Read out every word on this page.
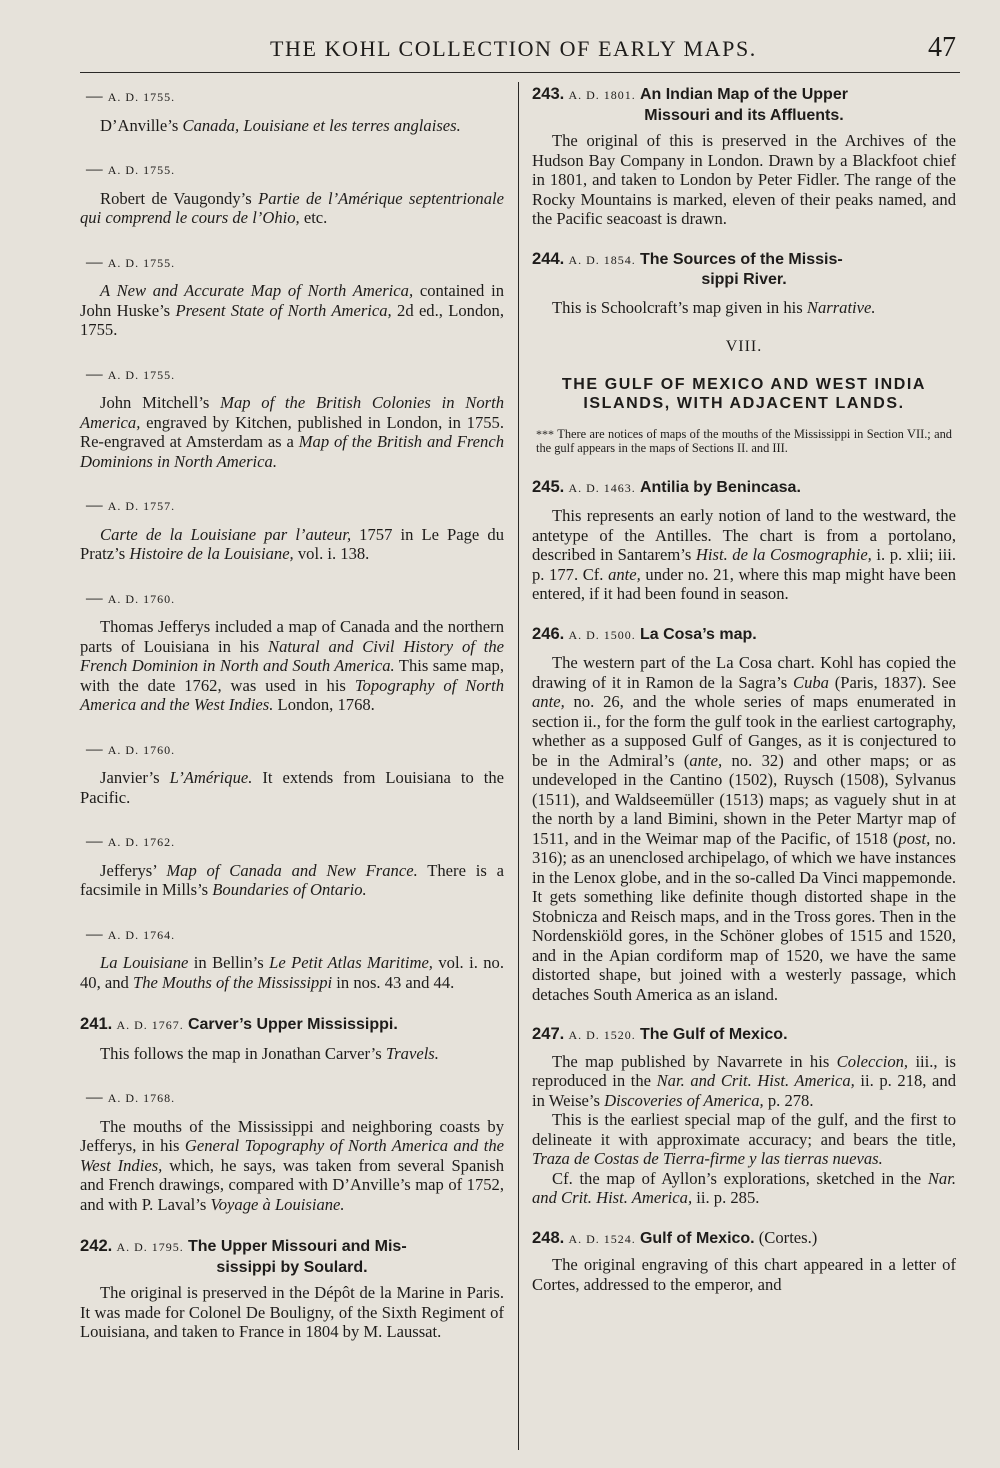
THE KOHL COLLECTION OF EARLY MAPS.	47

— A. D. 1755.

D’Anville’s Canada, Louisiane et les terres anglaises.

— A. D. 1755.

Robert de Vaugondy’s Partie de l’Amérique septentrionale qui comprend le cours de l’Ohio, etc.

— A. D. 1755.

A New and Accurate Map of North America, contained in John Huske’s Present State of North America, 2d ed., London, 1755.

— A. D. 1755.

John Mitchell’s Map of the British Colonies in North America, engraved by Kitchen, published in London, in 1755. Re-engraved at Amsterdam as a Map of the British and French Dominions in North America.

— A. D. 1757.

Carte de la Louisiane par l’auteur, 1757 in Le Page du Pratz’s Histoire de la Louisiane, vol. i. 138.

— A. D. 1760.

Thomas Jefferys included a map of Canada and the northern parts of Louisiana in his Natural and Civil History of the French Dominion in North and South America. This same map, with the date 1762, was used in his Topography of North America and the West Indies. London, 1768.

— A. D. 1760.

Janvier’s L’Amérique. It extends from Louisiana to the Pacific.

— A. D. 1762.

Jefferys’ Map of Canada and New France. There is a facsimile in Mills’s Boundaries of Ontario.

— A. D. 1764.

La Louisiane in Bellin’s Le Petit Atlas Maritime, vol. i. no. 40, and The Mouths of the Mississippi in nos. 43 and 44.

241. A. D. 1767. Carver’s Upper Mississippi.

This follows the map in Jonathan Carver’s Travels.

— A. D. 1768.

The mouths of the Mississippi and neighboring coasts by Jefferys, in his General Topography of North America and the West Indies, which, he says, was taken from several Spanish and French drawings, compared with D’Anville’s map of 1752, and with P. Laval’s Voyage à Louisiane.

242. A. D. 1795. The Upper Missouri and Mis-

sissippi by Soulard.

The original is preserved in the Dépôt de la Marine in Paris. It was made for Colonel De Bouligny, of the Sixth Regiment of Louisiana, and taken to France in 1804 by M. Laussat.

243. A. D. 1801. An Indian Map of the Upper

Missouri and its Affluents.

The original of this is preserved in the Archives of the Hudson Bay Company in London. Drawn by a Blackfoot chief in 1801, and taken to London by Peter Fidler. The range of the Rocky Mountains is marked, eleven of their peaks named, and the Pacific seacoast is drawn.

244. A. D. 1854. The Sources of the Missis-

sippi River.

This is Schoolcraft’s map given in his Narrative.

VIII.

THE GULF OF MEXICO AND WEST INDIA ISLANDS, WITH ADJACENT LANDS.

*** There are notices of maps of the mouths of the Mississippi in Section VII.; and the gulf appears in the maps of Sections II. and III.

245. A. D. 1463. Antilia by Benincasa.

This represents an early notion of land to the westward, the antetype of the Antilles. The chart is from a portolano, described in Santarem’s Hist. de la Cosmographie, i. p. xlii; iii. p. 177. Cf. ante, under no. 21, where this map might have been entered, if it had been found in season.

246. A. D. 1500. La Cosa’s map.

The western part of the La Cosa chart. Kohl has copied the drawing of it in Ramon de la Sagra’s Cuba (Paris, 1837). See ante, no. 26, and the whole series of maps enumerated in section ii., for the form the gulf took in the earliest cartography, whether as a supposed Gulf of Ganges, as it is conjectured to be in the Admiral’s (ante, no. 32) and other maps; or as undeveloped in the Cantino (1502), Ruysch (1508), Sylvanus (1511), and Waldseemüller (1513) maps; as vaguely shut in at the north by a land Bimini, shown in the Peter Martyr map of 1511, and in the Weimar map of the Pacific, of 1518 (post, no. 316); as an unenclosed archipelago, of which we have instances in the Lenox globe, and in the so-called Da Vinci mappemonde. It gets something like definite though distorted shape in the Stobnicza and Reisch maps, and in the Tross gores. Then in the Nordenskiöld gores, in the Schöner globes of 1515 and 1520, and in the Apian cordiform map of 1520, we have the same distorted shape, but joined with a westerly passage, which detaches South America as an island.

247. A. D. 1520. The Gulf of Mexico.

The map published by Navarrete in his Coleccion, iii., is reproduced in the Nar. and Crit. Hist. America, ii. p. 218, and in Weise’s Discoveries of America, p. 278.

This is the earliest special map of the gulf, and the first to delineate it with approximate accuracy; and bears the title, Traza de Costas de Tierra-firme y las tierras nuevas.

Cf. the map of Ayllon’s explorations, sketched in the Nar. and Crit. Hist. America, ii. p. 285.

248. A. D. 1524. Gulf of Mexico. (Cortes.)

The original engraving of this chart appeared in a letter of Cortes, addressed to the emperor, and
